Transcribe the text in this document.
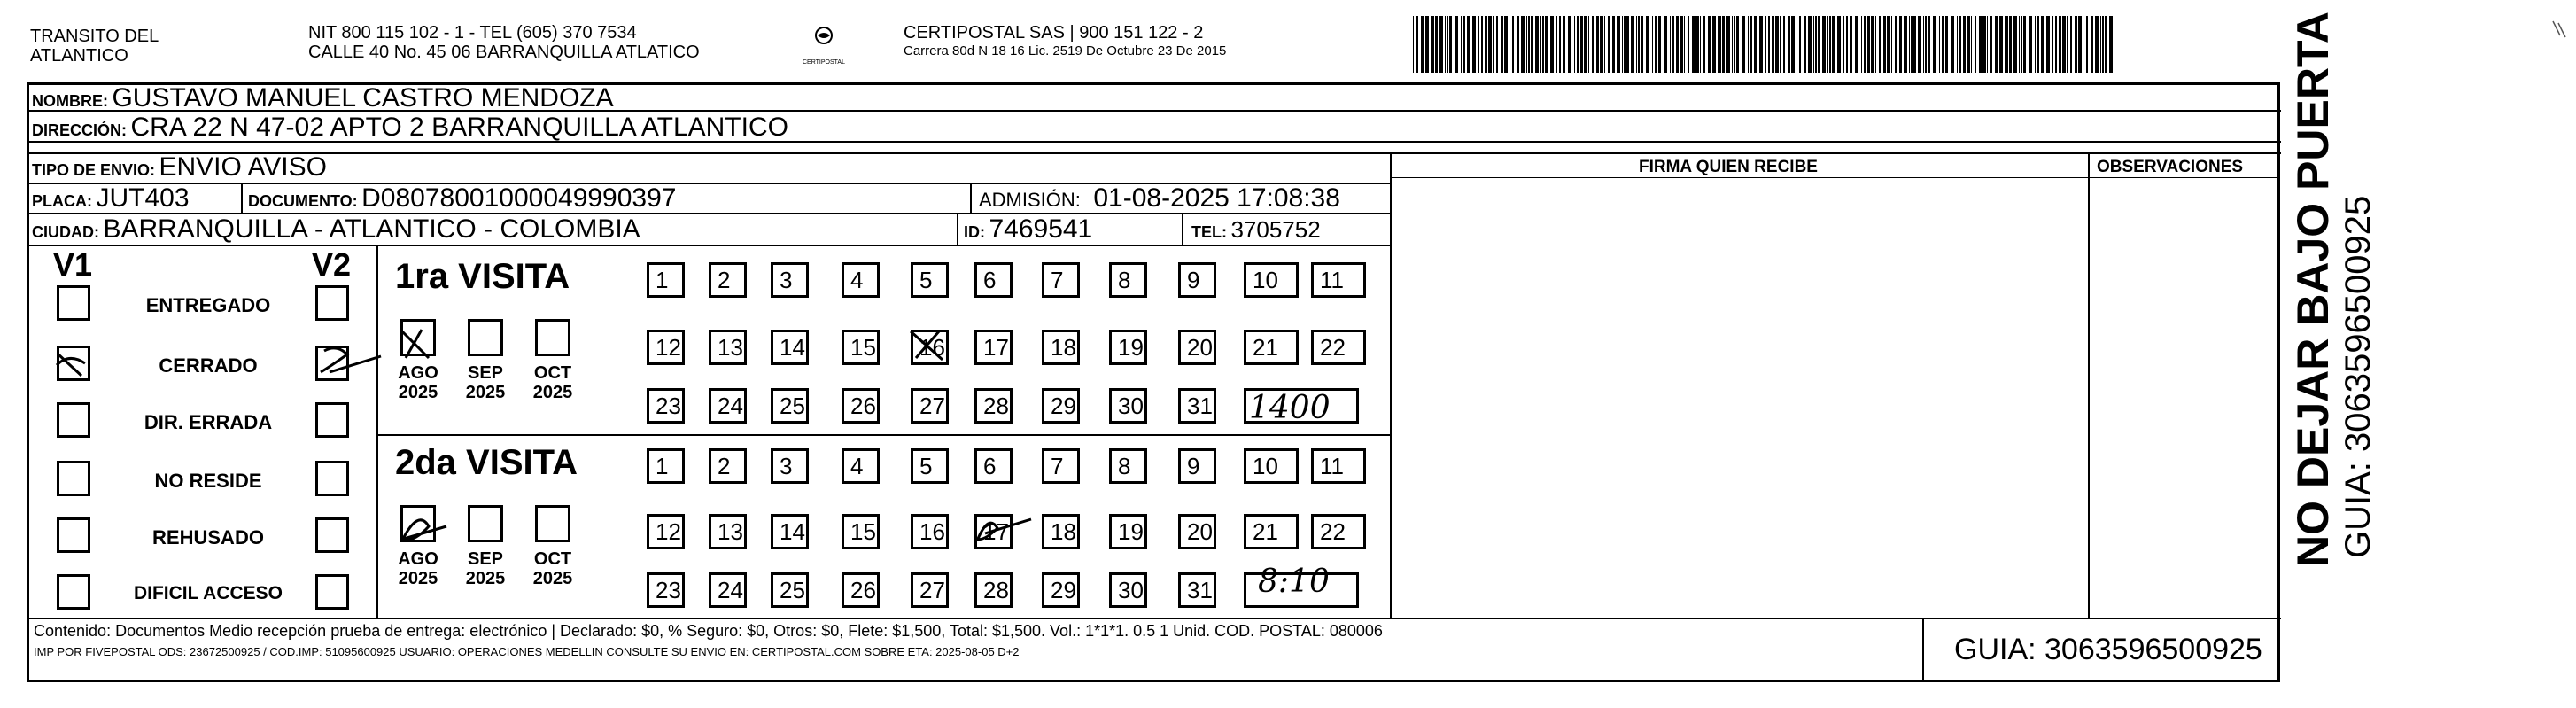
TRANSITO DEL
ATLANTICO
NIT 800 115 102 - 1 - TEL (605) 370 7534
CALLE 40 No. 45 06 BARRANQUILLA ATLATICO
CERTIPOSTAL
CERTIPOSTAL SAS | 900 151 122 - 2
Carrera 80d N 18 16 Lic. 2519 De Octubre 23 De 2015
NOMBRE: GUSTAVO MANUEL CASTRO MENDOZA
DIRECCIÓN: CRA 22 N 47-02 APTO 2 BARRANQUILLA ATLANTICO
TIPO DE ENVIO: ENVIO AVISO	FIRMA QUIEN RECIBE	OBSERVACIONES
PLACA: JUT403	DOCUMENTO: D08078001000049990397	ADMISIÓN: 01-08-2025 17:08:38
CIUDAD: BARRANQUILLA - ATLANTICO - COLOMBIA	ID: 7469541	TEL: 3705752
V1	V2
ENTREGADO
CERRADO
DIR. ERRADA
NO RESIDE
REHUSADO
DIFICIL ACCESO
1ra VISITA
2da VISITA
AGO
2025
SEP
2025
OCT
2025
AGO
2025
SEP
2025
OCT
2025
1	2	3	4	5	6	7	8	9	10	11
12	13	14	15	16	17	18	19	20	21	22
23	24	25	26	27	28	29	30	31
1	2	3	4	5	6	7	8	9	10	11
12	13	14	15	16	17	18	19	20	21	22
23	24	25	26	27	28	29	30	31
1400
8:10
Contenido: Documentos Medio recepción prueba de entrega: electrónico | Declarado: $0, % Seguro: $0, Otros: $0, Flete: $1,500, Total: $1,500. Vol.: 1*1*1. 0.5 1 Unid. COD. POSTAL: 080006
IMP POR FIVEPOSTAL ODS: 23672500925 / COD.IMP: 51095600925 USUARIO: OPERACIONES MEDELLIN CONSULTE SU ENVIO EN: CERTIPOSTAL.COM SOBRE ETA: 2025-08-05 D+2	GUIA: 3063596500925
NO DEJAR BAJO PUERTA GUIA: 3063596500925
